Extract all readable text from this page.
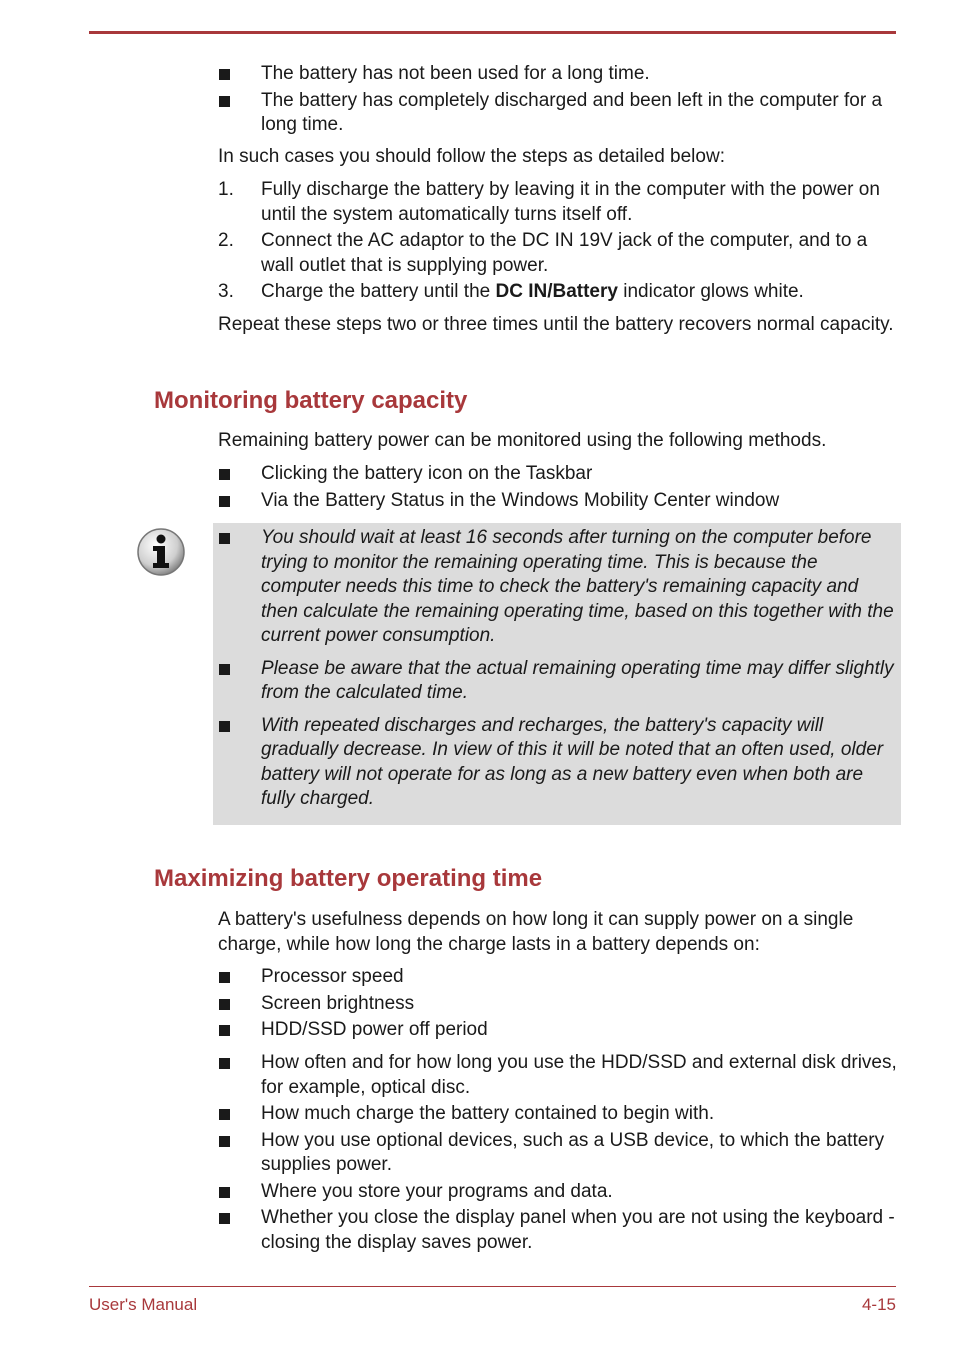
The battery has not been used for a long time.
The battery has completely discharged and been left in the computer for a long time.

In such cases you should follow the steps as detailed below:

1. Fully discharge the battery by leaving it in the computer with the power on until the system automatically turns itself off.
2. Connect the AC adaptor to the DC IN 19V jack of the computer, and to a wall outlet that is supplying power.
3. Charge the battery until the DC IN/Battery indicator glows white.

Repeat these steps two or three times until the battery recovers normal capacity.

Monitoring battery capacity

Remaining battery power can be monitored using the following methods.

Clicking the battery icon on the Taskbar
Via the Battery Status in the Windows Mobility Center window
You should wait at least 16 seconds after turning on the computer before trying to monitor the remaining operating time. This is because the computer needs this time to check the battery's remaining capacity and then calculate the remaining operating time, based on this together with the current power consumption.
Please be aware that the actual remaining operating time may differ slightly from the calculated time.
With repeated discharges and recharges, the battery's capacity will gradually decrease. In view of this it will be noted that an often used, older battery will not operate for as long as a new battery even when both are fully charged.
Maximizing battery operating time

A battery's usefulness depends on how long it can supply power on a single charge, while how long the charge lasts in a battery depends on:

Processor speed
Screen brightness
HDD/SSD power off period
How often and for how long you use the HDD/SSD and external disk drives, for example, optical disc.
How much charge the battery contained to begin with.
How you use optional devices, such as a USB device, to which the battery supplies power.
Where you store your programs and data.
Whether you close the display panel when you are not using the keyboard - closing the display saves power.
User's Manual	4-15
